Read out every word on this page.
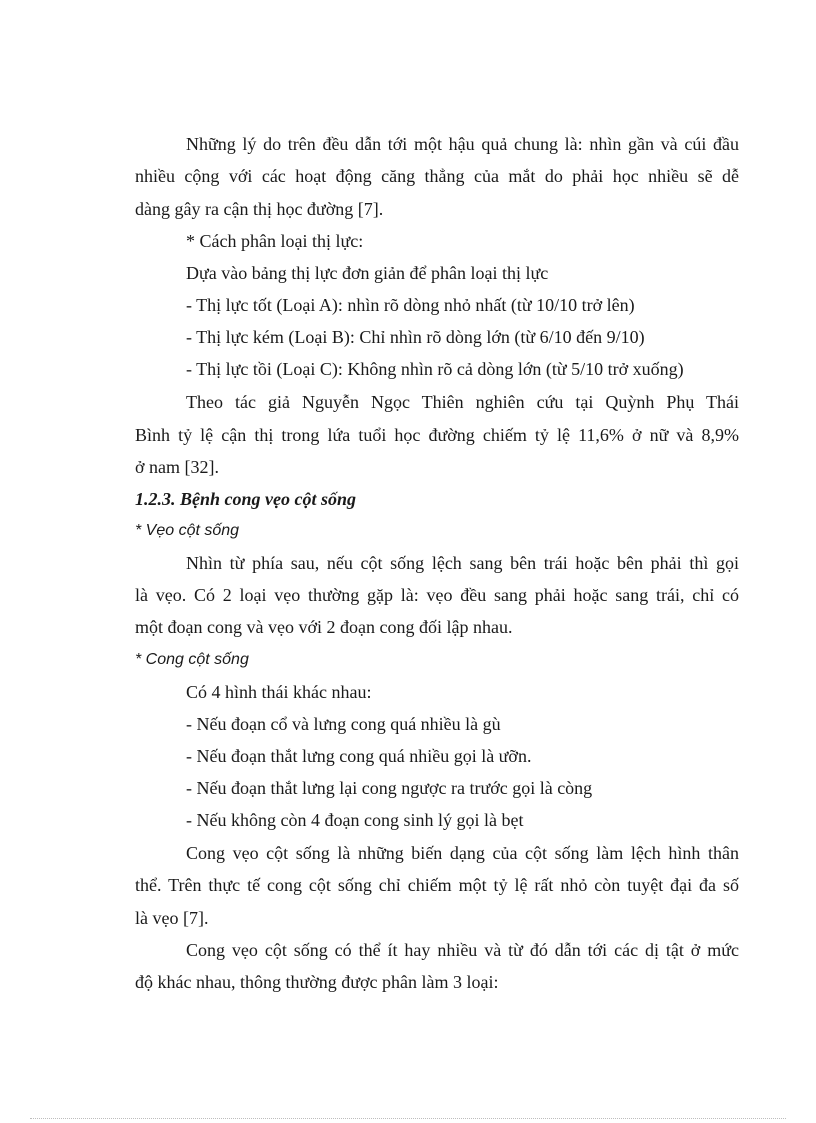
Những lý do trên đều dẫn tới một hậu quả chung là: nhìn gần và cúi đầu
nhiều cộng với các hoạt động căng thẳng của mắt do phải học nhiều sẽ dễ
dàng gây ra cận thị học đường [7].
* Cách phân loại thị lực:
Dựa vào bảng thị lực đơn giản để phân loại thị lực
- Thị lực tốt (Loại A): nhìn rõ dòng nhỏ nhất (từ 10/10 trở lên)
- Thị lực kém (Loại B): Chỉ nhìn rõ dòng lớn (từ 6/10 đến 9/10)
- Thị lực tồi (Loại C): Không nhìn rõ cả dòng lớn (từ 5/10 trở xuống)
Theo tác giả Nguyễn Ngọc Thiên nghiên cứu tại Quỳnh Phụ Thái
Bình tỷ lệ cận thị trong lứa tuổi học đường chiếm tỷ lệ 11,6% ở nữ và 8,9%
ở nam [32].
1.2.3. Bệnh cong vẹo cột sống
* Vẹo cột sống
Nhìn từ phía sau, nếu cột sống lệch sang bên trái hoặc bên phải thì gọi
là vẹo. Có 2 loại vẹo thường gặp là: vẹo đều sang phải hoặc sang trái, chỉ có
một đoạn cong và vẹo với 2 đoạn cong đối lập nhau.
* Cong cột sống
Có 4 hình thái khác nhau:
- Nếu đoạn cổ và lưng cong quá nhiều là gù
- Nếu đoạn thắt lưng cong quá nhiều gọi là ưỡn.
- Nếu đoạn thắt lưng lại cong ngược ra trước gọi là còng
- Nếu không còn 4 đoạn cong sinh lý gọi là bẹt
Cong vẹo cột sống là những biến dạng của cột sống làm lệch hình thân
thể. Trên thực tế cong cột sống chỉ chiếm một tỷ lệ rất nhỏ còn tuyệt đại đa số
là vẹo [7].
Cong vẹo cột sống có thể ít hay nhiều và từ đó dẫn tới các dị tật ở mức
độ khác nhau, thông thường được phân làm 3 loại:
